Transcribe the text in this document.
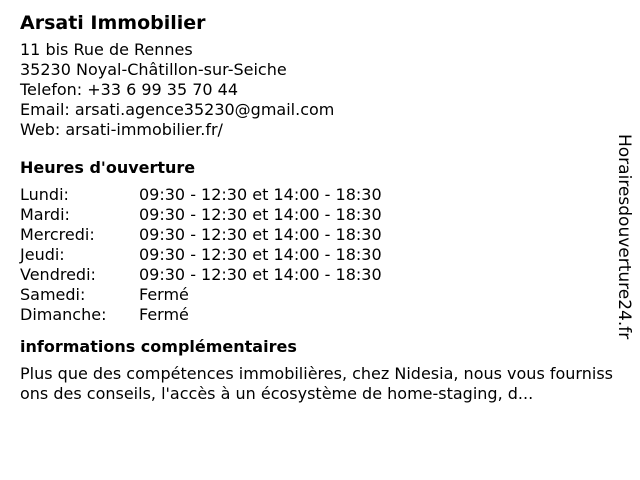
Arsati Immobilier
11 bis Rue de Rennes
35230 Noyal-Châtillon-sur-Seiche
Telefon: +33 6 99 35 70 44
Email: arsati.agence35230@gmail.com
Web: arsati-immobilier.fr/
Heures d'ouverture
Lundi:	09:30 - 12:30 et 14:00 - 18:30
Mardi:	09:30 - 12:30 et 14:00 - 18:30
Mercredi:	09:30 - 12:30 et 14:00 - 18:30
Jeudi:	09:30 - 12:30 et 14:00 - 18:30
Vendredi:	09:30 - 12:30 et 14:00 - 18:30
Samedi:	Fermé
Dimanche:	Fermé
informations complémentaires
Plus que des compétences immobilières, chez Nidesia, nous vous fournissons des conseils, l'accès à un écosystème de home-staging, d...
Horairesdouverture24.fr
